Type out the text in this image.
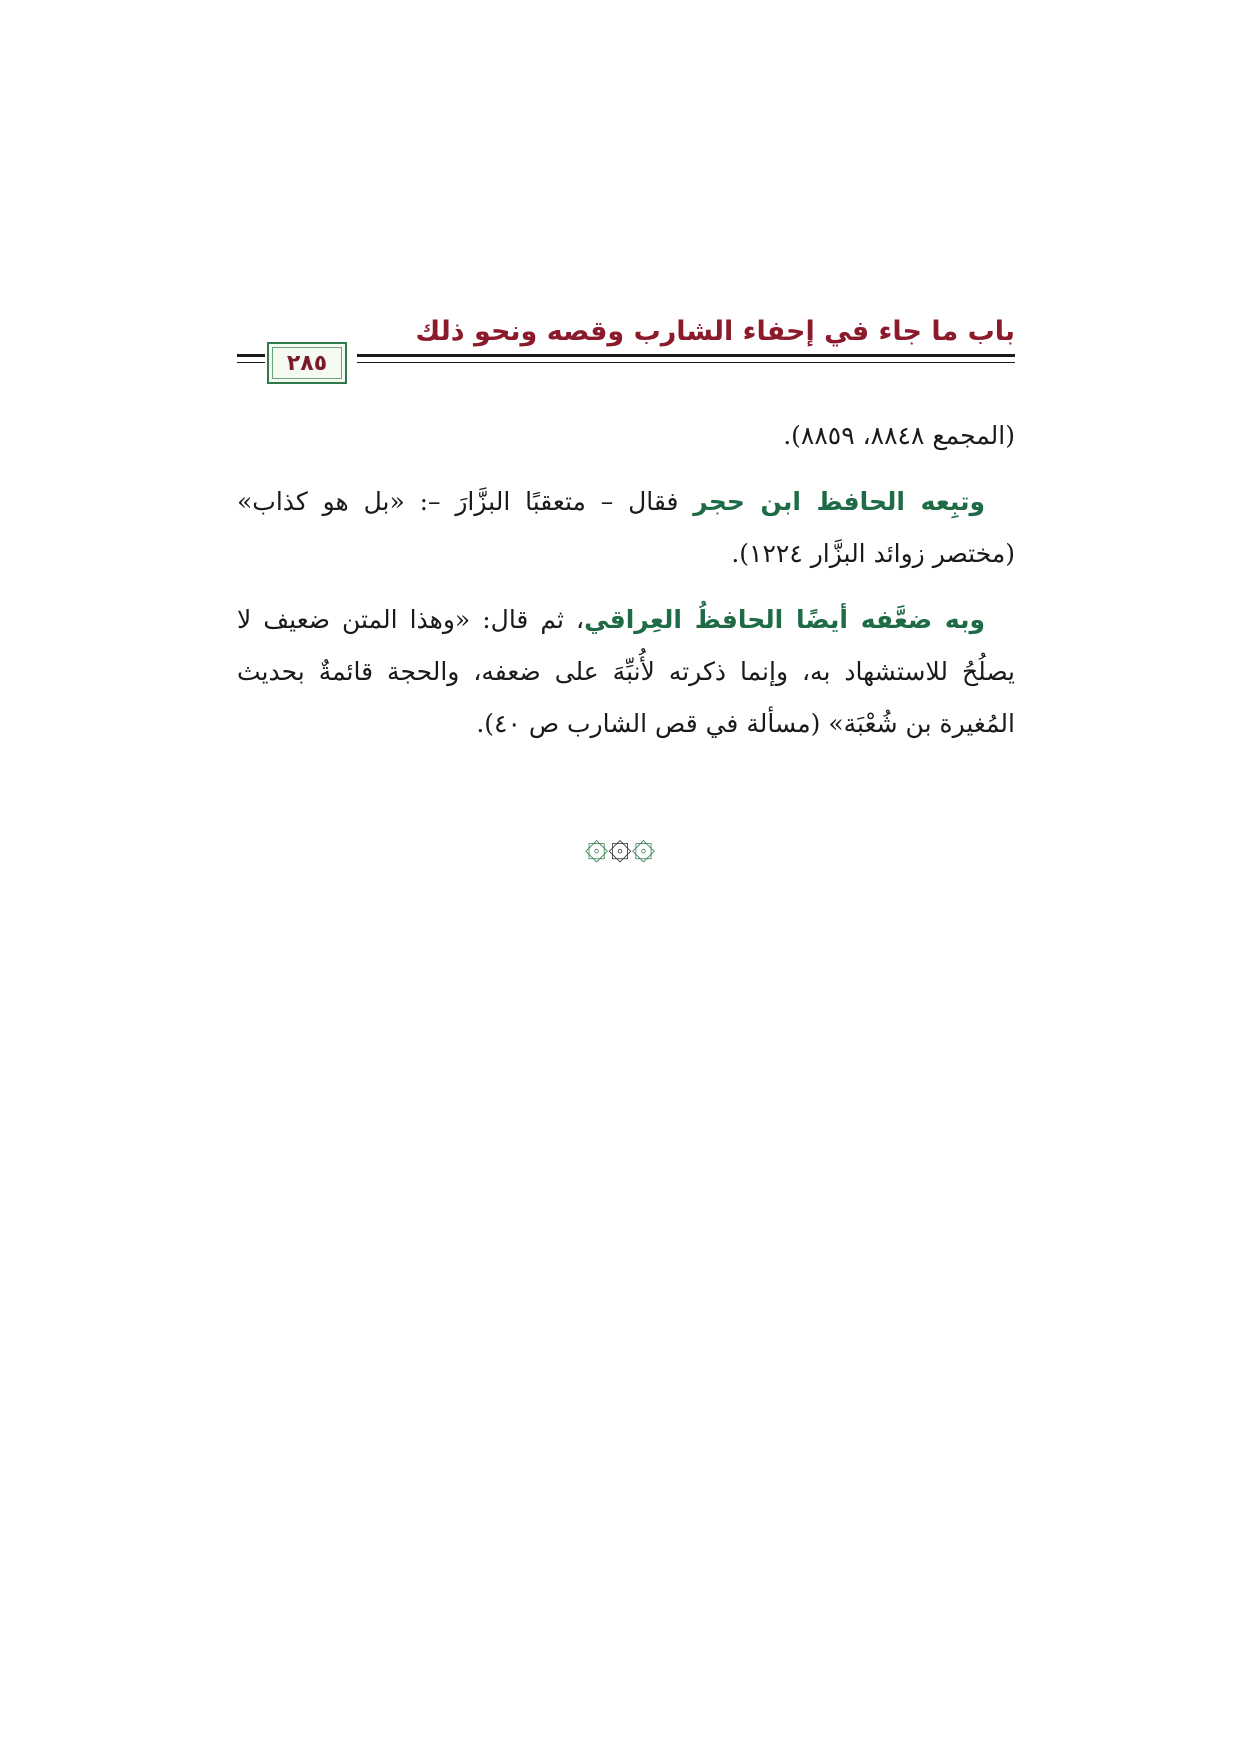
باب ما جاء في إحفاء الشارب وقصه ونحو ذلك
٢٨٥

(المجمع ٨٨٤٨، ٨٨٥٩).

وتبِعه الحافظ ابن حجر فقال – متعقبًا البزَّارَ –: «بل هو كذاب» (مختصر زوائد البزَّار ١٢٢٤).

وبه ضعَّفه أيضًا الحافظُ العِراقي، ثم قال: «وهذا المتن ضعيف لا يصلُحُ للاستشهاد به، وإنما ذكرته لأُنبِّهَ على ضعفه، والحجة قائمةٌ بحديث المُغيرة بن شُعْبَة» (مسألة في قص الشارب ص ٤٠).

۞۞۞
